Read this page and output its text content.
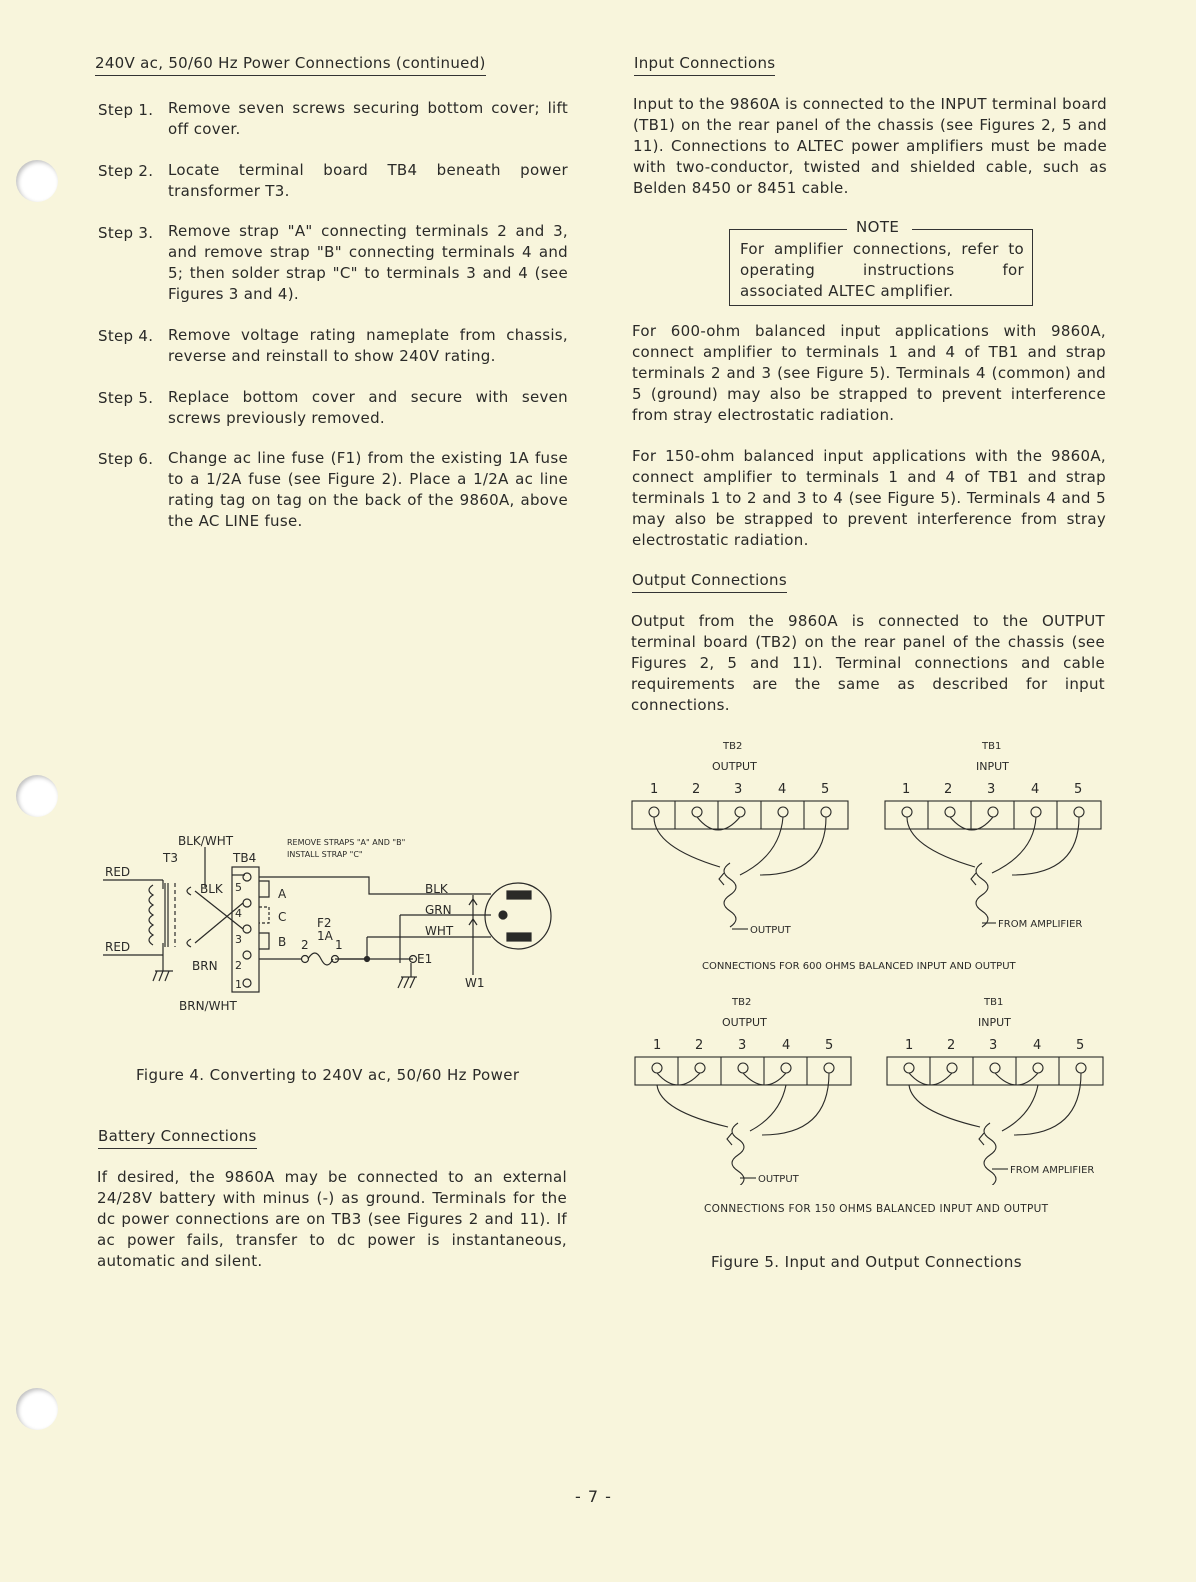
240V ac, 50/60 Hz Power Connections (continued)
Step 1. Remove seven screws securing bottom cover; lift off cover.
Step 2. Locate terminal board TB4 beneath power transformer T3.
Step 3. Remove strap "A" connecting terminals 2 and 3, and remove strap "B" connecting terminals 4 and 5; then solder strap "C" to terminals 3 and 4 (see Figures 3 and 4).
Step 4. Remove voltage rating nameplate from chassis, reverse and reinstall to show 240V rating.
Step 5. Replace bottom cover and secure with seven screws previously removed.
Step 6. Change ac line fuse (F1) from the existing 1A fuse to a 1/2A fuse (see Figure 2). Place a 1/2A ac line rating tag on tag on the back of the 9860A, above the AC LINE fuse.
BLK/WHT
T3	TB4
REMOVE STRAPS "A" AND "B"
INSTALL STRAP "C"
RED
RED
BLK
BRN
BRN/WHT
5
4
3
2
1
A
C
B
BLK
GRN
WHT
F2
1A
2 1
E1
W1
Figure 4. Converting to 240V ac, 50/60 Hz Power
Battery Connections
If desired, the 9860A may be connected to an external 24/28V battery with minus (-) as ground. Terminals for the dc power connections are on TB3 (see Figures 2 and 11). If ac power fails, transfer to dc power is instantaneous, automatic and silent.
Input Connections
Input to the 9860A is connected to the INPUT terminal board (TB1) on the rear panel of the chassis (see Figures 2, 5 and 11). Connections to ALTEC power amplifiers must be made with two-conductor, twisted and shielded cable, such as Belden 8450 or 8451 cable.
NOTE
For amplifier connections, refer to operating instructions for associated ALTEC amplifier.
For 600-ohm balanced input applications with 9860A, connect amplifier to terminals 1 and 4 of TB1 and strap terminals 2 and 3 (see Figure 5). Terminals 4 (common) and 5 (ground) may also be strapped to prevent interference from stray electrostatic radiation.
For 150-ohm balanced input applications with the 9860A, connect amplifier to terminals 1 and 4 of TB1 and strap terminals 1 to 2 and 3 to 4 (see Figure 5). Terminals 4 and 5 may also be strapped to prevent interference from stray electrostatic radiation.
Output Connections
Output from the 9860A is connected to the OUTPUT terminal board (TB2) on the rear panel of the chassis (see Figures 2, 5 and 11). Terminal connections and cable requirements are the same as described for input connections.
TB2
OUTPUT
1	2	3	4	5
OUTPUT
TB1
INPUT
1	2	3	4	5
FROM AMPLIFIER
CONNECTIONS FOR 600 OHMS BALANCED INPUT AND OUTPUT
TB2
OUTPUT
1	2	3	4	5
OUTPUT
TB1
INPUT
1	2	3	4	5
FROM AMPLIFIER
CONNECTIONS FOR 150 OHMS BALANCED INPUT AND OUTPUT
Figure 5. Input and Output Connections
- 7 -
